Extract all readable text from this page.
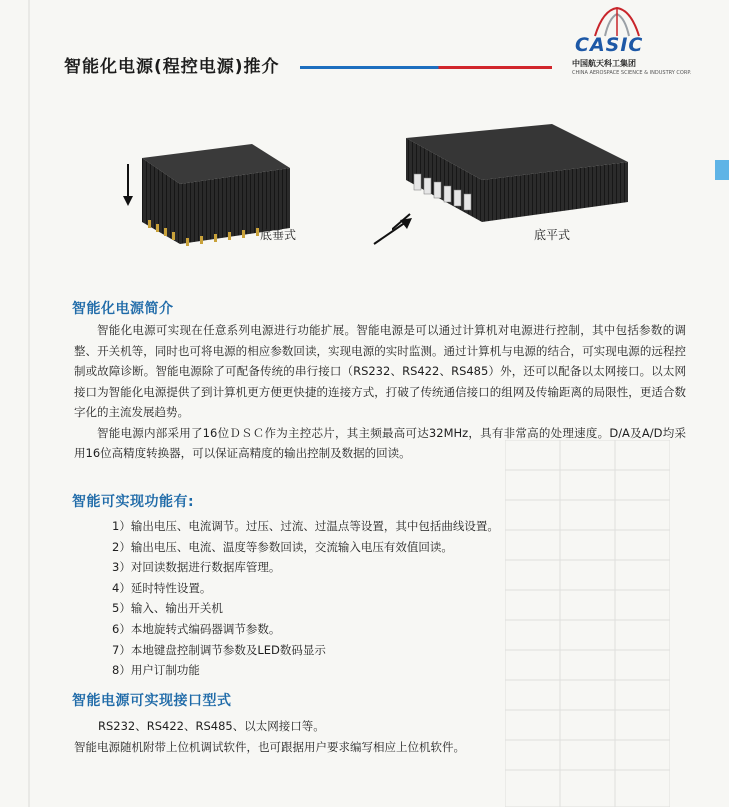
智能化电源(程控电源)推介
CASIC
中国航天科工集团
CHINA AEROSPACE SCIENCE & INDUSTRY CORP.
底垂式	底平式
智能化电源简介

智能化电源可实现在任意系列电源进行功能扩展。智能电源是可以通过计算机对电源进行控制，其中包括参数的调整、开关机等，同时也可将电源的相应参数回读，实现电源的实时监测。通过计算机与电源的结合，可实现电源的远程控制或故障诊断。智能电源除了可配备传统的串行接口（RS232、RS422、RS485）外，还可以配备以太网接口。以太网接口为智能化电源提供了到计算机更方便更快捷的连接方式，打破了传统通信接口的组网及传输距离的局限性，更适合数字化的主流发展趋势。

智能电源内部采用了16位ＤＳＣ作为主控芯片，其主频最高可达32MHz，具有非常高的处理速度。D/A及A/D均采用16位高精度转换器，可以保证高精度的输出控制及数据的回读。

智能可实现功能有:
1）输出电压、电流调节。过压、过流、过温点等设置，其中包括曲线设置。
2）输出电压、电流、温度等参数回读，交流输入电压有效值回读。
3）对回读数据进行数据库管理。
4）延时特性设置。
5）输入、输出开关机
6）本地旋转式编码器调节参数。
7）本地键盘控制调节参数及LED数码显示
8）用户订制功能
智能电源可实现接口型式
RS232、RS422、RS485、以太网接口等。
智能电源随机附带上位机调试软件，也可跟据用户要求编写相应上位机软件。
